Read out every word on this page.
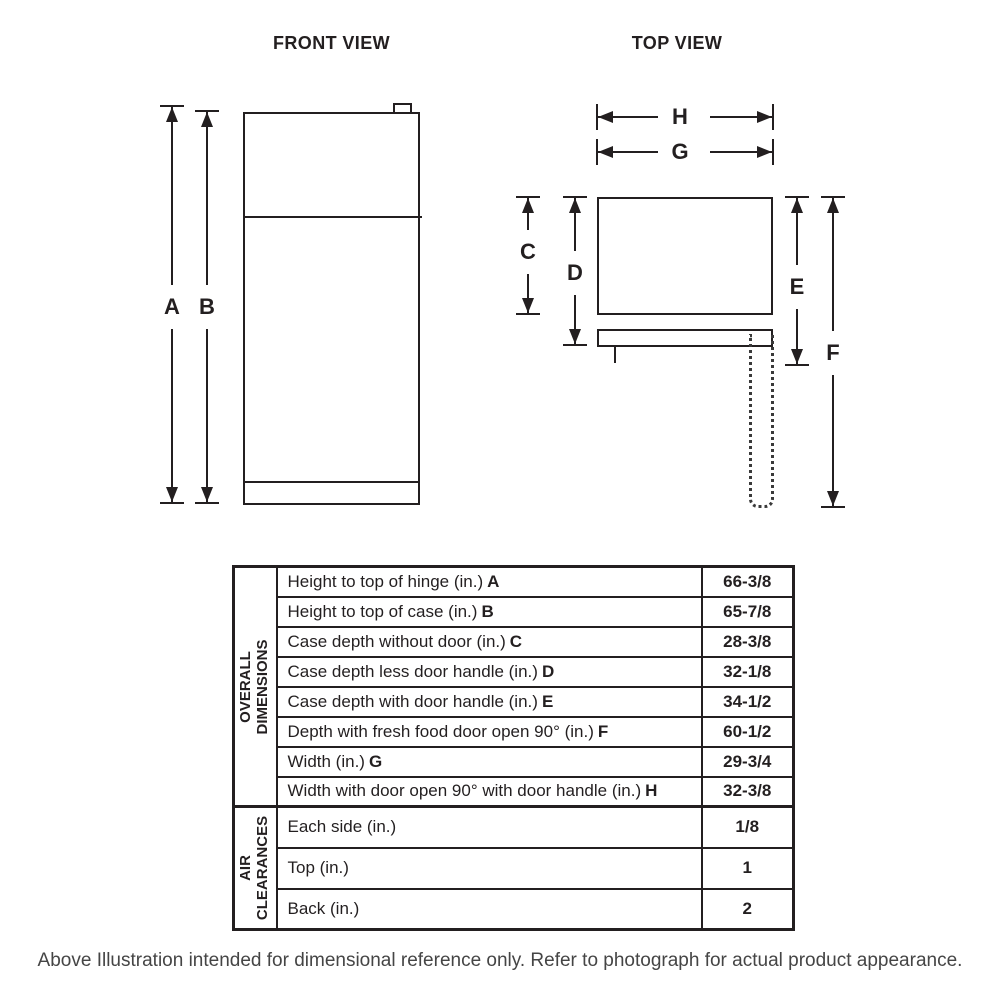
FRONT VIEW
A B
TOP VIEW
H
G
C
D
E
F
OVERALL DIMENSIONS	Height to top of hinge (in.) A	66-3/8
	Height to top of case (in.) B	65-7/8
	Case depth without door (in.) C	28-3/8
	Case depth less door handle (in.) D	32-1/8
	Case depth with door handle (in.) E	34-1/2
	Depth with fresh food door open 90° (in.) F	60-1/2
	Width (in.) G	29-3/4
	Width with door open 90° with door handle (in.) H	32-3/8

AIR CLEARANCES	Each side (in.)	1/8
	Top (in.)	1
	Back (in.)	2
Above Illustration intended for dimensional reference only. Refer to photograph for actual product appearance.
